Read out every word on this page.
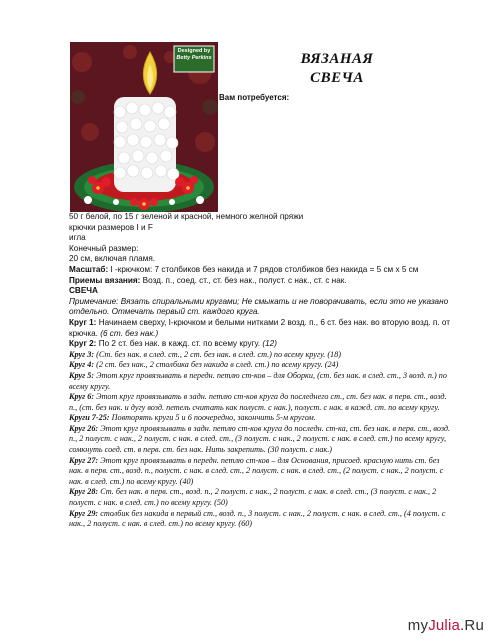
Designed by
Betty Perkins	ВЯЗАНАЯ
СВЕЧА
Вам потребуется:

50 г белой, по 15 г зеленой и красной, немного желной пряжи

крючки размеров I и F

игла

Конечный размер:

20 см, включая пламя.

Масштаб: I -крючком: 7 столбиков без накида и 7 рядов столбиков без накида = 5 см х 5 см

Приемы вязания: Возд. п., соед. ст., ст. без нак., полуст. с нак., ст. с нак.

СВЕЧА

Примечание: Вязать спиральными кругами; Не смыкать и не поворачивать, если это не указано отдельно. Отмечать первый ст. каждого круга.

Круг 1: Начинаем сверху, I-крючком и белыми нитками 2 возд. п., 6 ст. без нак. во вторую возд. п. от крючка. (6 ст. без нак.)

Круг 2: По 2 ст. без нак. в кажд. ст. по всему кругу. (12)

Круг 3: (Ст. без нак. в след. ст., 2 ст. без нак. в след. ст.) по всему кругу. (18)

Круг 4: (2 ст. без нак., 2 столбика без накида в след. ст.) по всему кругу. (24)

Круг 5: Этот круг провязывать в передн. петлю ст-ков – для Оборки, (ст. без нак. в след. ст., 3 возд. п.) по всему кругу.

Круг 6: Этот круг провязывать в задн. петлю ст-ков круга до последнего ст., ст. без нак. в перв. ст., возд. п., (ст. без нак. и дугу возд. петель считать как полуст. с нак.), полуст. с нак. в кажд. ст. по всему кругу.

Круги 7-25: Повторять круги 5 и 6 поочередно, закончить 5-м кругом.

Круг 26: Этот круг провязывать в задн. петлю ст-ков круга до последн. ст-ка, ст. без нак. в перв. ст., возд. п., 2 полуст. с нак., 2 полуст. с нак. в след. ст., (3 полуст. с нак., 2 полуст. с нак. в след. ст.) по всему кругу, сомкнуть соед. ст. в перв. ст. без нак. Нить закрепить. (30 полуст. с нак.)

Круг 27: Этот круг провязывать в передн. петлю ст-ков – для Основания, присоед. красную нить ст. без нак. в перв. ст., возд. п., полуст. с нак. в след. ст., 2 полуст. с нак. в след. ст., (2 полуст. с нак., 2 полуст. с нак. в след. ст.) по всему кругу. (40)

Круг 28: Ст. без нак. в перв. ст., возд. п., 2 полуст. с нак., 2 полуст. с нак. в след. ст., (3 полуст. с нак., 2 полуст. с нак. в след. ст.) по всему кругу. (50)

Круг 29: столбик без накида в первый ст., возд. п., 3 полуст. с нак., 2 полуст. с нак. в след. ст., (4 полуст. с нак., 2 полуст. с нак. в след. ст.) по всему кругу. (60)

myJulia.Ru
